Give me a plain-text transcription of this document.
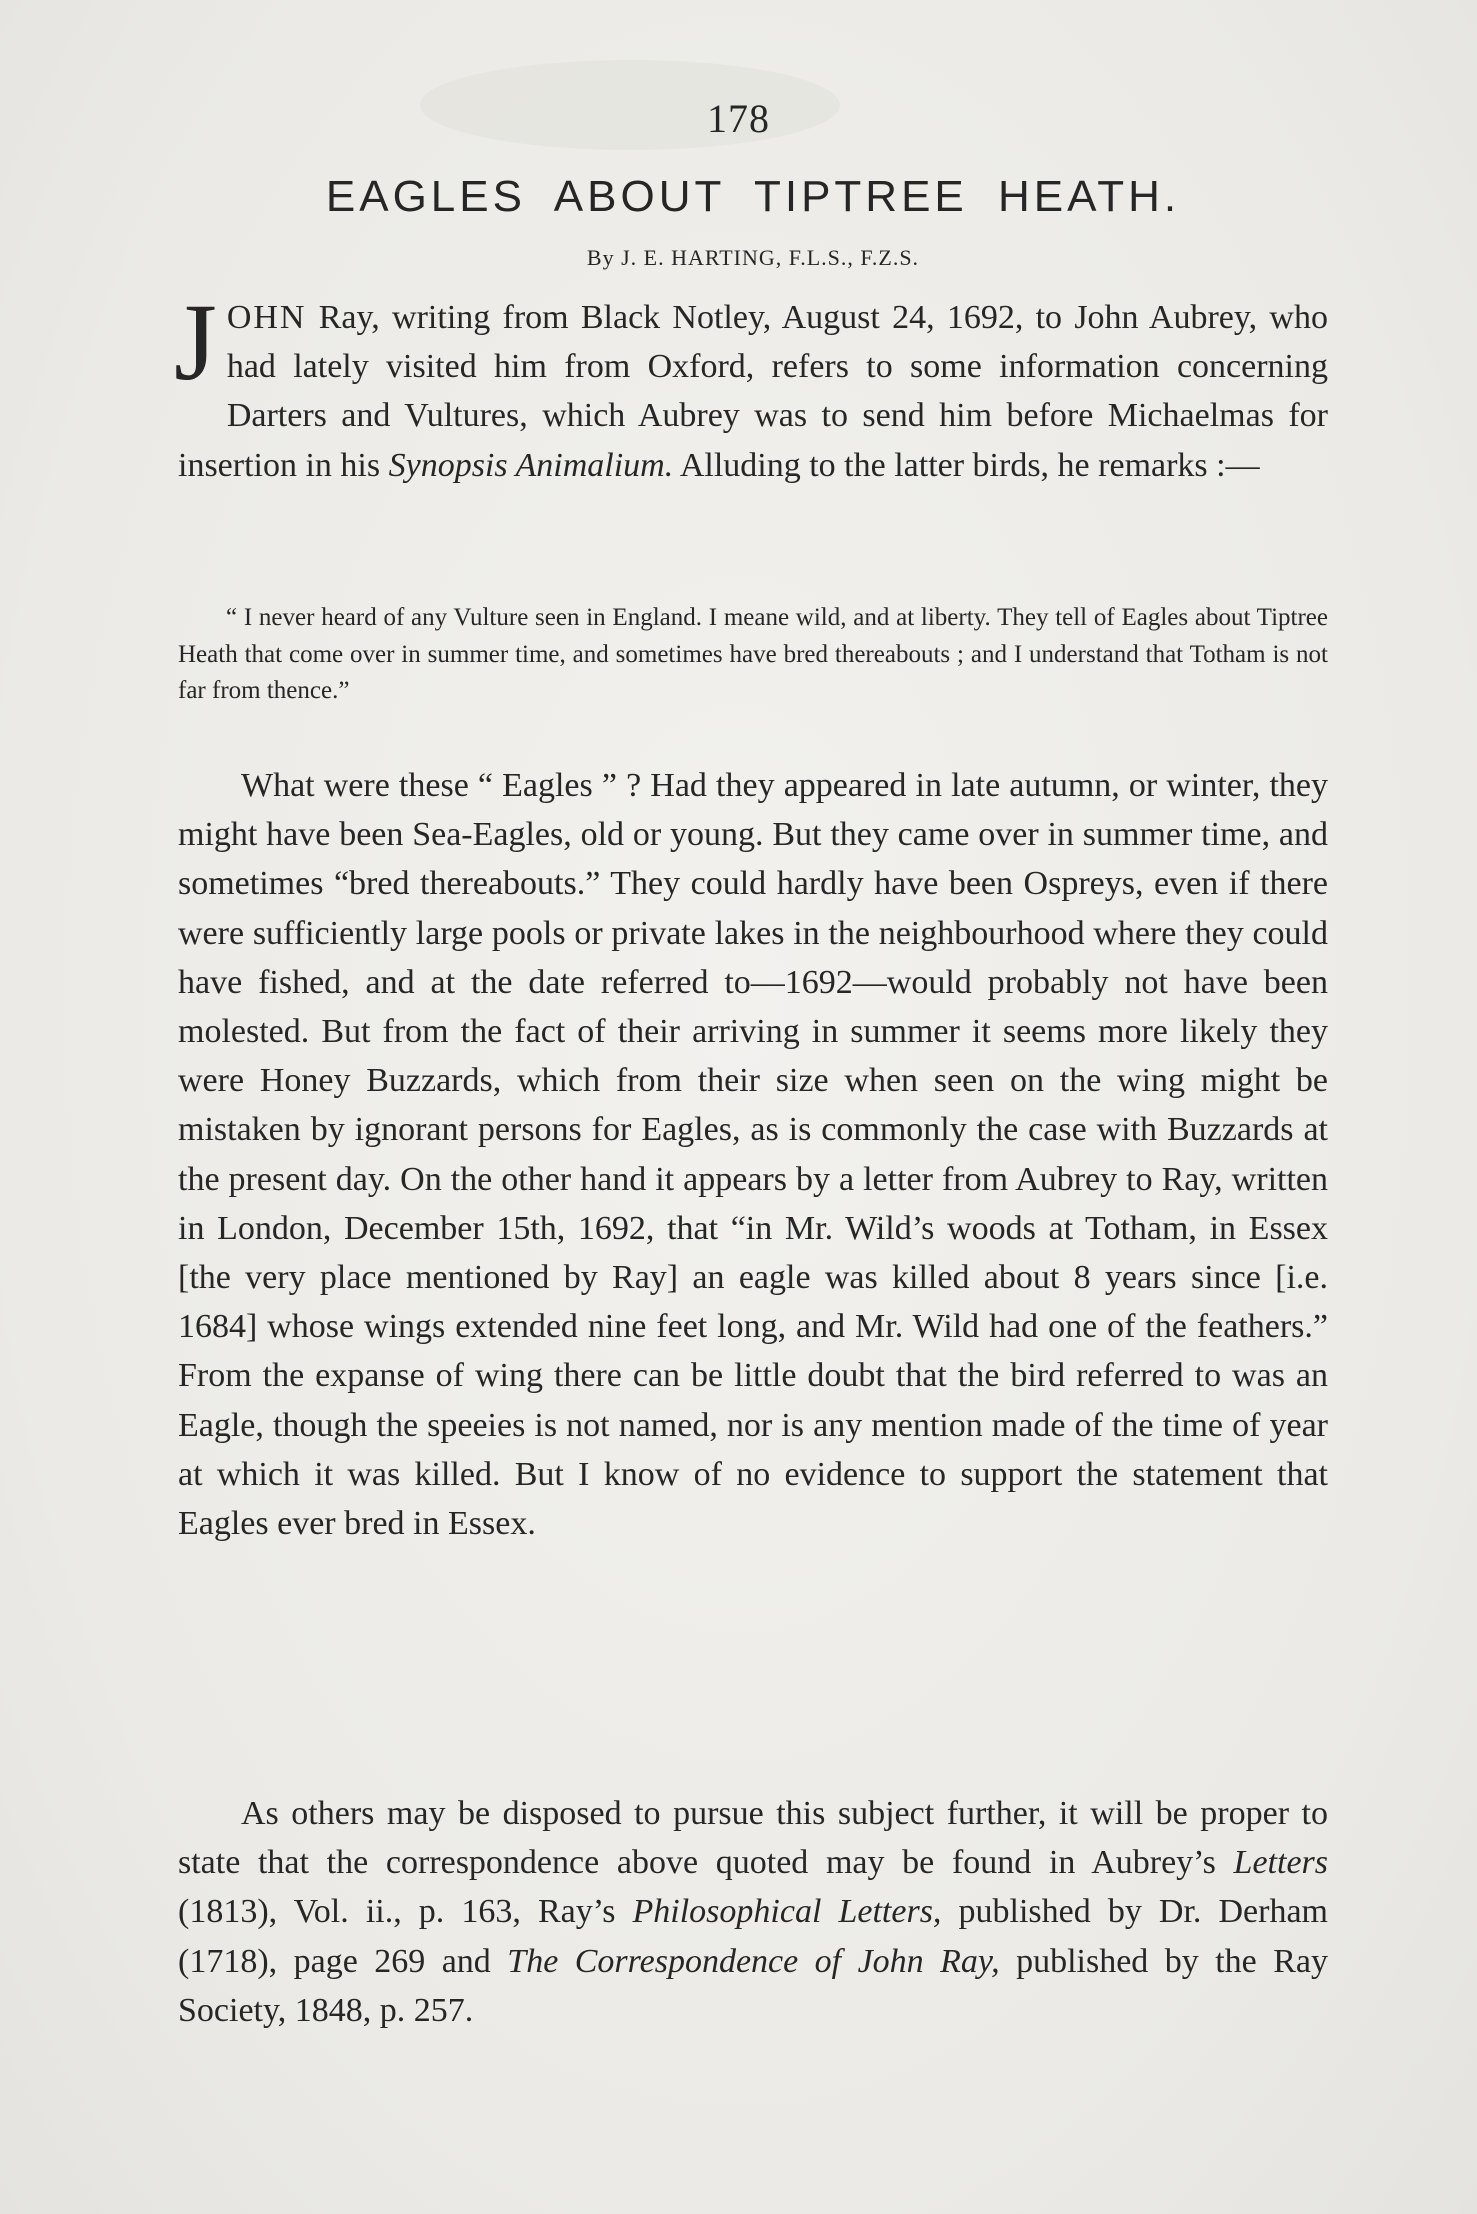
178
EAGLES ABOUT TIPTREE HEATH.
By J. E. HARTING, F.L.S., F.Z.S.

JOHN Ray, writing from Black Notley, August 24, 1692, to John Aubrey, who had lately visited him from Oxford, refers to some information concerning Darters and Vultures, which Aubrey was to send him before Michaelmas for insertion in his Synopsis Animalium. Alluding to the latter birds, he remarks :—

“ I never heard of any Vulture seen in England. I meane wild, and at liberty. They tell of Eagles about Tiptree Heath that come over in summer time, and sometimes have bred thereabouts ; and I understand that Totham is not far from thence.”

What were these “ Eagles ” ? Had they appeared in late autumn, or winter, they might have been Sea-Eagles, old or young. But they came over in summer time, and sometimes “bred thereabouts.” They could hardly have been Ospreys, even if there were sufficiently large pools or private lakes in the neighbourhood where they could have fished, and at the date referred to—1692—would probably not have been molested. But from the fact of their arriving in summer it seems more likely they were Honey Buzzards, which from their size when seen on the wing might be mistaken by ignorant persons for Eagles, as is commonly the case with Buzzards at the present day. On the other hand it appears by a letter from Aubrey to Ray, written in London, December 15th, 1692, that “in Mr. Wild’s woods at Totham, in Essex [the very place mentioned by Ray] an eagle was killed about 8 years since [i.e. 1684] whose wings extended nine feet long, and Mr. Wild had one of the feathers.” From the expanse of wing there can be little doubt that the bird referred to was an Eagle, though the speeies is not named, nor is any mention made of the time of year at which it was killed. But I know of no evidence to support the statement that Eagles ever bred in Essex.

As others may be disposed to pursue this subject further, it will be proper to state that the correspondence above quoted may be found in Aubrey’s Letters (1813), Vol. ii., p. 163, Ray’s Philosophical Letters, published by Dr. Derham (1718), page 269 and The Correspondence of John Ray, published by the Ray Society, 1848, p. 257.
